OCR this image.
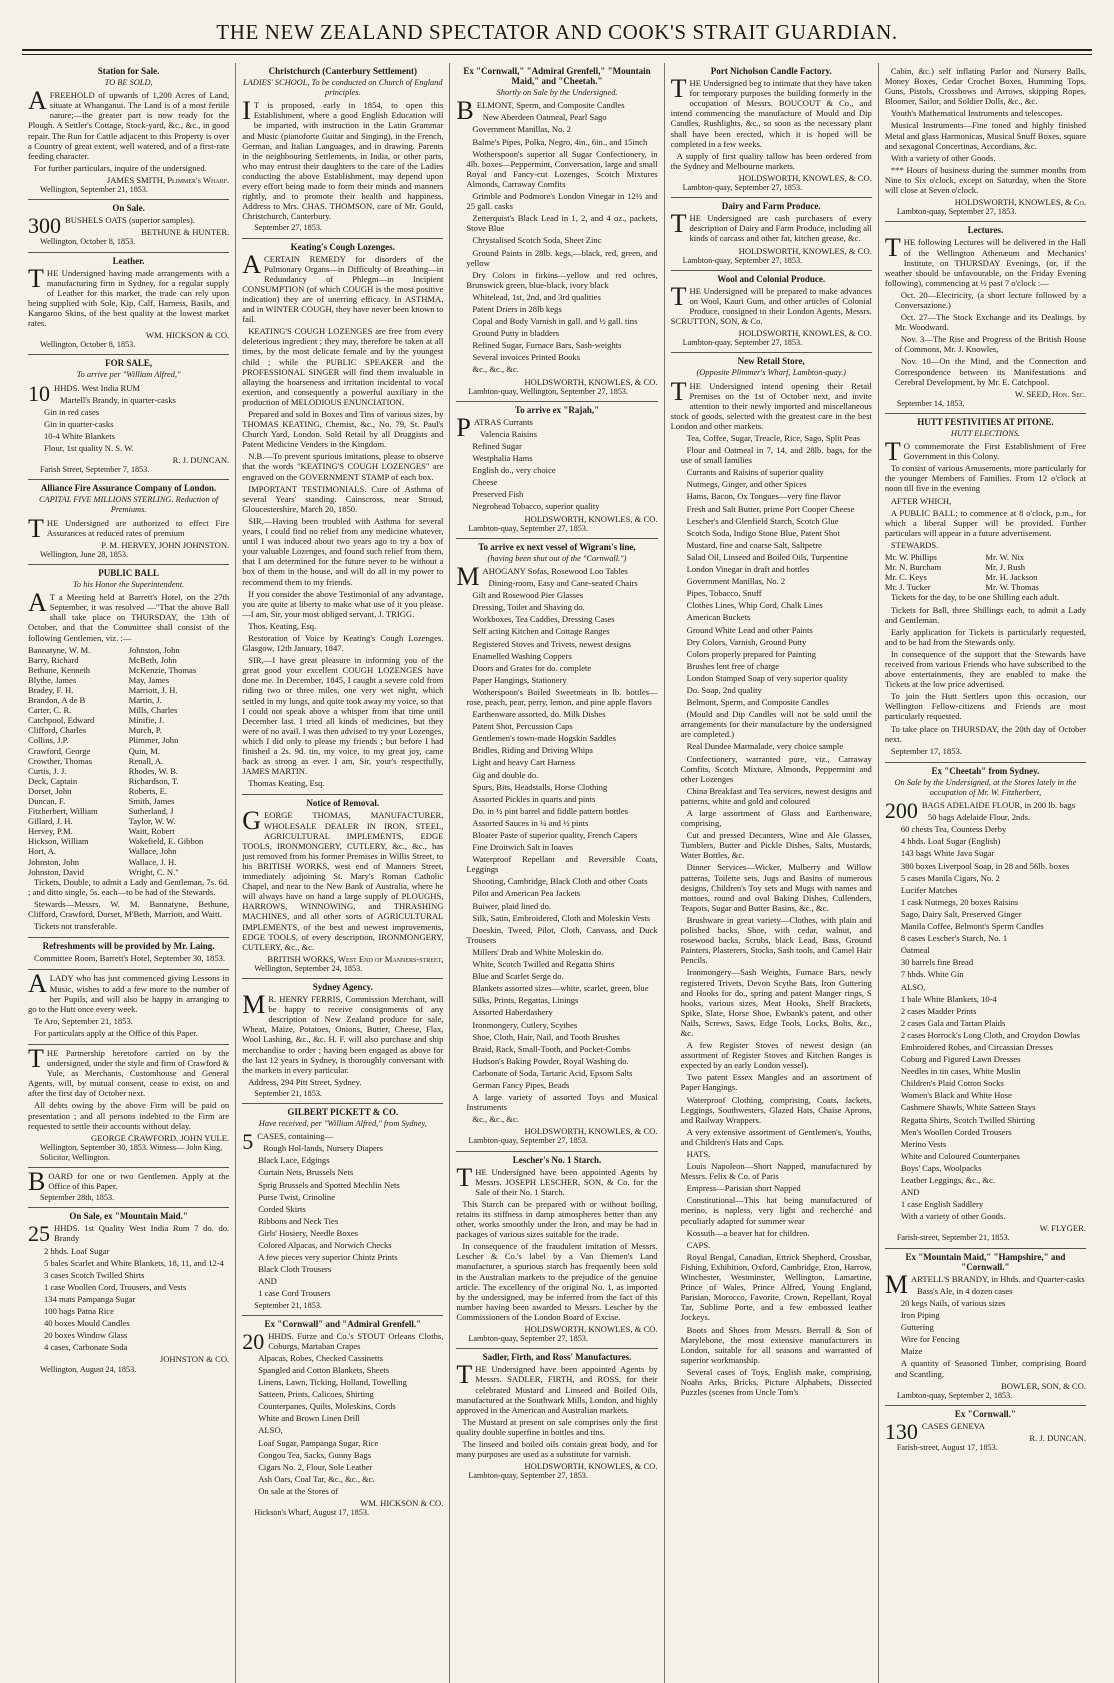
THE NEW ZEALAND SPECTATOR AND COOK'S STRAIT GUARDIAN.
Station for Sale.
TO BE SOLD,

AFREEHOLD of upwards of 1,200 Acres of Land, situate at Whanganui. The Land is of a most fertile nature;—the greater part is now ready for the Plough. A Settler's Cottage, Stock-yard, &c., &c., in good repair. The Run for Cattle adjacent to this Property is over a Country of great extent, well watered, and of a first-rate feeding character.

For further particulars, inquire of the undersigned.

JAMES SMITH, Plimmer's Wharf.
Wellington, September 21, 1853.
On Sale.

300 BUSHELS OATS (superior samples).

BETHUNE & HUNTER.
Wellington, October 8, 1853.
Leather.

THE Undersigned having made arrangements with a manufacturing firm in Sydney, for a regular supply of Leather for this market, the trade can rely upon being supplied with Sole, Kip, Calf, Harness, Basils, and Kangaroo Skins, of the best quality at the lowest market rates.

WM. HICKSON & CO.
Wellington, October 8, 1853.
FOR SALE,
To arrive per "William Alfred,"

10 HHDS. West India RUM

Martell's Brandy, in quarter-casks

Gin in red cases

Gin in quarter-casks

10-4 White Blankets

Flour, 1st quality N. S. W.

R. J. DUNCAN.
Farish Street, September 7, 1853.
Alliance Fire Assurance Company of London.
CAPITAL FIVE MILLIONS STERLING. Reduction of Premiums.

THE Undersigned are authorized to effect Fire Assurances at reduced rates of premium

P. M. HERVEY, JOHN JOHNSTON.
Wellington, June 28, 1853.
PUBLIC BALL
To his Honor the Superintendent.

A T a Meeting held at Barrett's Hotel, on the 27th September, it was resolved —"That the above Ball shall take place on THURSDAY, the 13th of October, and that the Committee shall consist of the following Gentlemen, viz. :—

Bannatyne, W. M.	Johnston, John
Barry, Richard	McBeth, John
Bethune, Kenneth	McKenzie, Thomas
Blythe, James	May, James
Bradey, F. H.	Marriott, J. H.
Brandon, A de B	Martin, J.
Carter, C. R.	Mills, Charles
Catchpool, Edward	Minifie, J.
Clifford, Charles	Murch, P.
Collins, J.P.	Plimmer, John
Crawford, George	Quin, M.
Crowther, Thomas	Renall, A.
Curtis, J. J.	Rhodes, W. B.
Deck, Captain	Richardson, T.
Dorset, John	Roberts, E.
Duncan, F.	Smith, James
Fitzherbert, William	Sutherland, J
Gillard, J. H.	Taylor, W. W.
Hervey, P.M.	Waitt, Robert
Hickson, William	Wakefield, E. Gibbon
Hort, A.	Wallace, John
Johnston, John	Wallace, J. H.
Johnston, David	Wright, C. N."

Tickets, Double, to admit a Lady and Gentleman, 7s. 6d. ; and ditto single, 5s. each—to be had of the Stewards.

Stewards—Messrs. W. M. Bannatyne, Bethune, Clifford, Crawford, Dorset, M'Beth, Marriott, and Waitt.

Tickets not transferable.

Refreshments will be provided by Mr. Laing.

Committee Room, Barrett's Hotel, September 30, 1853.

ALADY who has just commenced giving Lessons in Music, wishes to add a few more to the number of her Pupils, and will also be happy in arranging to go to the Hutt once every week.

Te Aro, September 21, 1853.

For particulars apply at the Office of this Paper.

THE Partnership heretofore carried on by the undersigned, under the style and firm of Crawford & Yule, as Merchants, Customhouse and General Agents, will, by mutual consent, cease to exist, on and after the first day of October next.

All debts owing by the above Firm will be paid on presentation ; and all persons indebted to the Firm are requested to settle their accounts without delay.

GEORGE CRAWFORD. JOHN YULE.
Wellington, September 30, 1853. Witness— John King, Solicitor, Wellington.

BOARD for one or two Gentlemen. Apply at the Office of this Paper.

September 28th, 1853.
On Sale, ex "Mountain Maid."

25 HHDS. 1st Quality West India Rum 7 do. do. Brandy

2 hhds. Loaf Sugar

5 bales Scarlet and White Blankets, 18, 11, and 12-4

3 cases Scotch Twilled Shirts

1 case Woollen Cord, Trousers, and Vests

134 mats Pampanga Sugar

100 bags Patna Rice

40 boxes Mould Candles

20 boxes Window Glass

4 cases, Carbonate Soda

JOHNSTON & CO.
Wellington, August 24, 1853.
Christchurch (Canterbury Settlement)
LADIES' SCHOOL, To be conducted on Church of England principles.

I T is proposed, early in 1854, to open this Establishment, where a good English Education will be imparted, with instruction in the Latin Grammar and Music (pianoforte Guitar and Singing), in the French, German, and Italian Languages, and in drawing. Parents in the neighbouring Settlements, in India, or other parts, who may entrust their daughters to the care of the Ladies conducting the above Establishment, may depend upon every effort being made to form their minds and manners rightly, and to promote their health and happiness. Address to Mrs. CHAS. THOMSON, care of Mr. Gould, Christchurch, Canterbury.

September 27, 1853.
Keating's Cough Lozenges.

ACERTAIN REMEDY for disorders of the Pulmonary Organs—in Difficulty of Breathing—in Redundancy of Phlegm—in Incipient CONSUMPTION (of which COUGH is the most positive indication) they are of unerring efficacy. In ASTHMA, and in WINTER COUGH, they have never been known to fail.

KEATING'S COUGH LOZENGES are free from every deleterious ingredient ; they may, therefore be taken at all times, by the most delicate female and by the youngest child ; while the PUBLIC SPEAKER and the PROFESSIONAL SINGER will find them invaluable in allaying the hoarseness and irritation incidental to vocal exertion, and consequently a powerful auxiliary in the production of MELODIOUS ENUNCIATION.

Prepared and sold in Boxes and Tins of various sizes, by THOMAS KEATING, Chemist, &c., No. 79, St. Paul's Church Yard, London. Sold Retail by all Druggists and Patent Medicine Venders in the Kingdom.

N.B.—To prevent spurious imitations, please to observe that the words "KEATING'S COUGH LOZENGES" are engraved on the GOVERNMENT STAMP of each box.

IMPORTANT TESTIMONIALS. Cure of Asthma of several Years' standing. Cainscross, near Stroud, Gloucestershire, March 20, 1850.

SIR,—Having been troubled with Asthma for several years, I could find no relief from any medicine whatever, until I was induced about two years ago to try a box of your valuable Lozenges, and found such relief from them, that I am determined for the future never to be without a box of them in the house, and will do all in my power to recommend them to my friends.

If you consider the above Testimonial of any advantage, you are quite at liberty to make what use of it you please.—I am, Sir, your most obliged servant, J. TRIGG.

Thos. Keating, Esq.

Restoration of Voice by Keating's Cough Lozenges. Glasgow, 12th January, 1847.

SIR,—I have great pleasure in informing you of the great good your excellent COUGH LOZENGES have done me. In December, 1845, I caught a severe cold from riding two or three miles, one very wet night, which settled in my lungs, and quite took away my voice, so that I could not speak above a whisper from that time until December last. I tried all kinds of medicines, but they were of no avail. I was then advised to try your Lozenges, which I did only to please my friends ; but before I had finished a 2s. 9d. tin, my voice, to my great joy, came back as strong as ever. I am, Sir, your's respectfully, JAMES MARTIN.

Thomas Keating, Esq.

Notice of Removal.

GEORGE THOMAS, MANUFACTURER, WHOLESALE DEALER IN IRON, STEEL, AGRICULTURAL IMPLEMENTS, EDGE TOOLS, IRONMONGERY, CUTLERY, &c., &c., has just removed from his former Premises in Willis Street, to his BRITISH WORKS, west end of Manners Street, immediately adjoining St. Mary's Roman Catholic Chapel, and near to the New Bank of Australia, where he will always have on hand a large supply of PLOUGHS, HARROWS, WINNOWING, and THRASHING MACHINES, and all other sorts of AGRICULTURAL IMPLEMENTS, of the best and newest improvements, EDGE TOOLS, of every description, IRONMONGERY, CUTLERY, &c., &c.

BRITISH WORKS, West End of Manners-street,
Wellington, September 24, 1853.
Sydney Agency.

M R. HENRY FERRIS, Commission Merchant, will be happy to receive consignments of any description of New Zealand produce for sale, Wheat, Maize, Potatoes, Onions, Butter, Cheese, Flax, Wool Lashing, &c., &c. H. F. will also purchase and ship merchandise to order ; having been engaged as above for the last 12 years in Sydney, is thoroughly conversant with the markets in every particular.

Address, 294 Pitt Street, Sydney.

September 21, 1853.
GILBERT PICKETT & CO.
Have received, per "William Alfred," from Sydney,

5 CASES, containing—

Rough Hol-lands, Nursery Diapers

Black Lace, Edgings

Curtain Nets, Brussels Nets

Sprig Brussels and Spotted Mechlin Nets

Purse Twist, Crinoline

Corded Skirts

Ribbons and Neck Ties

Girls' Hosiery, Needle Boxes

Colored Alpacas, and Norwich Checks

A few pieces very superior Chintz Prints

Black Cloth Trousers

AND

1 case Cord Trousers

September 21, 1853.
Ex "Cornwall" and "Admiral Grenfell."

20 HHDS. Furze and Co.'s STOUT Orleans Cloths, Coburgs, Martaban Crapes

Alpacas, Robes, Checked Cassinetts

Spangled and Cotton Blankets, Sheets

Linens, Lawn, Ticking, Holland, Towelling

Satteen, Prints, Calicoes, Shirting

Counterpanes, Quilts, Moleskins, Cords

White and Brown Linen Drill

ALSO,

Loaf Sugar, Pampanga Sugar, Rice

Congou Tea, Sacks, Gunny Bags

Cigars No. 2, Flour, Sole Leather

Ash Oars, Coal Tar, &c., &c., &c.

On sale at the Stores of

WM. HICKSON & CO.
Hickson's Wharf, August 17, 1853.
Ex "Cornwall," "Admiral Grenfell," "Mountain Maid," and "Cheetah."
Shortly on Sale by the Undersigned.

BELMONT, Sperm, and Composite Candles

New Aberdeen Oatmeal, Pearl Sago

Government Manillas, No. 2

Balme's Pipes, Polka, Negro, 4in., 6in., and 15inch

Wotherspoon's superior all Sugar Confectionery, in 4lb. boxes—Peppermint, Conversation, large and small Royal and Fancy-cut Lozenges, Scotch Mixtures Almonds, Carraway Comfits

Grimble and Podmore's London Vinegar in 12½ and 25 gall. casks

Zetterquist's Black Lead in 1, 2, and 4 oz., packets, Stove Blue

Chrystalised Scotch Soda, Sheet Zinc

Ground Paints in 28lb. kegs,—black, red, green, and yellow

Dry Colors in firkins—yellow and red ochres, Brunswick green, blue-black, ivory black

Whitelead, 1st, 2nd, and 3rd qualities

Patent Driers in 28lb kegs

Copal and Body Varnish in gall. and ½ gall. tins

Ground Putty in bladders

Refined Sugar, Furnace Bars, Sash-weights

Several invoices Printed Books

&c., &c., &c.

HOLDSWORTH, KNOWLES, & CO.
Lambton-quay, Wellington, September 27, 1853.
To arrive ex "Rajah,"

PATRAS Currants

Valencia Raisins

Refined Sugar

Westphalia Hams

English do., very choice

Cheese

Preserved Fish

Negrohead Tobacco, superior quality

HOLDSWORTH, KNOWLES, & CO.
Lambton-quay, September 27, 1853.
To arrive ex next vessel of Wigram's line,
(having been shut out of the "Cornwall.")

MAHOGANY Sofas, Rosewood Loo Tables

Dining-room, Easy and Cane-seated Chairs

Gilt and Rosewood Pier Glasses

Dressing, Toilet and Shaving do.

Workboxes, Tea Caddies, Dressing Cases

Self acting Kitchen and Cottage Ranges

Registered Stoves and Trivets, newest designs

Enamelled Washing Coppers

Doors and Grates for do. complete

Paper Hangings, Stationery

Wotherspoon's Boiled Sweetmeats in lb. bottles—rose, peach, pear, perry, lemon, and pine apple flavors

Earthenware assorted, do. Milk Dishes

Patent Shot, Percussion Caps

Gentlemen's town-made Hogskin Saddles

Bridles, Riding and Driving Whips

Light and heavy Cart Harness

Gig and double do.

Spurs, Bits, Headstalls, Horse Clothing

Assorted Pickles in quarts and pints

Do. in ½ pint barrel and fiddle pattern bottles

Assorted Sauces in ¼ and ½ pints

Bloater Paste of superior quality, French Capers

Fine Droitwich Salt in loaves

Waterproof Repellant and Reversible Coats, Leggings

Shooting, Cambridge, Black Cloth and other Coats

Pilot and American Pea Jackets

Buiwer, plaid lined do.

Silk, Satin, Embroidered, Cloth and Moleskin Vests

Doeskin, Tweed, Pilot, Cloth, Canvass, and Duck Trousers

Millers' Drab and White Moleskin do.

White, Scotch Twilled and Regatta Shirts

Blue and Scarlet Serge do.

Blankets assorted sizes—white, scarlet, green, blue

Silks, Prints, Regattas, Linings

Assorted Haberdashery

Ironmongery, Cutlery, Scythes

Shoe, Cloth, Hair, Nail, and Tooth Brushes

Braid, Rack, Small-Tooth, and Pocket-Combs

Hudson's Baking Powder, Royal Washing do.

Carbonate of Soda, Tartaric Acid, Epsom Salts

German Fancy Pipes, Beads

A large variety of assorted Toys and Musical Instruments

&c., &c., &c.

HOLDSWORTH, KNOWLES, & CO.
Lambton-quay, September 27, 1853.
Lescher's No. 1 Starch.

THE Undersigned have been appointed Agents by Messrs. JOSEPH LESCHER, SON, & Co. for the Sale of their No. 1 Starch.

This Starch can be prepared with or without boiling, retains its stiffness in damp atmospheres better than any other, works smoothly under the Iron, and may be had in packages of various sizes suitable for the trade.

In consequence of the fraudulent imitation of Messrs. Lescher & Co.'s label by a Van Diemen's Land manufacturer, a spurious starch has frequently been sold in the Australian markets to the prejudice of the genuine article. The excellency of the original No. 1, as imported by the undersigned, may be inferred from the fact of this number having been awarded to Messrs. Lescher by the Commissioners of the London Board of Excise.

HOLDSWORTH, KNOWLES, & CO.
Lambton-quay, September 27, 1853.
Sadler, Firth, and Ross' Manufactures.

THE Undersigned have been appointed Agents by Messrs. SADLER, FIRTH, and ROSS, for their celebrated Mustard and Linseed and Boiled Oils, manufactured at the Southwark Mills, London, and highly approved in the American and Australian markets.

The Mustard at present on sale comprises only the first quality double superfine in bottles and tins.

The linseed and boiled oils contain great body, and for many purposes are used as a substitute for varnish.

HOLDSWORTH, KNOWLES, & CO.
Lambton-quay, September 27, 1853.
Port Nicholson Candle Factory.

THE Undersigned beg to intimate that they have taken for temporary purposes the building formerly in the occupation of Messrs. BOUCOUT & Co., and intend commencing the manufacture of Mould and Dip Candles, Rushlights, &c., so soon as the necessary plant shall have been erected, which it is hoped will be completed in a few weeks.

A supply of first quality tallow has been ordered from the Sydney and Melbourne markets.

HOLDSWORTH, KNOWLES, & CO.
Lambton-quay, September 27, 1853.
Dairy and Farm Produce.

THE Undersigned are cash purchasers of every description of Dairy and Farm Produce, including all kinds of carcass and other fat, kitchen grease, &c.

HOLDSWORTH, KNOWLES, & CO.
Lambton-quay, September 27, 1853.
Wool and Colonial Produce.

THE Undersigned will be prepared to make advances on Wool, Kauri Gum, and other articles of Colonial Produce, consigned to their London Agents, Messrs. SCRUTTON, SON, & Co.

HOLDSWORTH, KNOWLES, & CO.
Lambton-quay, September 27, 1853.
New Retail Store,
(Opposite Plimmer's Wharf, Lambton-quay.)

THE Undersigned intend opening their Retail Premises on the 1st of October next, and invite attention to their newly imported and miscellaneous stock of goods, selected with the greatest care in the best London and other markets.

Tea, Coffee, Sugar, Treacle, Rice, Sago, Split Peas

Flour and Oatmeal in 7, 14, and 28lb. bags, for the use of small families

Currants and Raisins of superior quality

Nutmegs, Ginger, and other Spices

Hams, Bacon, Ox Tongues—very fine flavor

Fresh and Salt Butter, prime Port Cooper Cheese

Lescher's and Glenfield Starch, Scotch Glue

Scotch Soda, Indigo Stone Blue, Patent Shot

Mustard, fine and coarse Salt, Saltpetre

Salad Oil, Linseed and Boiled Oils, Turpentine

London Vinegar in draft and bottles

Government Manillas, No. 2

Pipes, Tobacco, Snuff

Clothes Lines, Whip Cord, Chalk Lines

American Buckets

Ground White Lead and other Paints

Dry Colors, Varnish, Ground Putty

Colors properly prepared for Painting

Brushes lent free of charge

London Stamped Soap of very superior quality

Do. Soap, 2nd quality

Belmont, Sperm, and Composite Candles

(Mould and Dip Candles will not be sold until the arrangements for their manufacture by the undersigned are completed.)

Real Dundee Marmalade, very choice sample

Confectionery, warranted pure, viz., Carraway Comfits, Scotch Mixture, Almonds, Peppermint and other Lozenges

China Breakfast and Tea services, newest designs and patterns, white and gold and coloured

A large assortment of Glass and Earthenware, comprising,

Cut and pressed Decanters, Wine and Ale Glasses, Tumblers, Butter and Pickle Dishes, Salts, Mustards, Water Bottles, &c.

Dinner Services—Wicker, Mulberry and Willow patterns, Toilette sets, Jugs and Basins of numerous designs, Children's Toy sets and Mugs with names and mottoes, round and oval Baking Dishes, Cullenders, Teapots, Sugar and Butter Basins, &c., &c.

Brushware in great variety—Clothes, with plain and polished backs, Shoe, with cedar, walnut, and rosewood backs, Scrubs, black Lead, Bass, Ground Painters, Plasterers, Stocks, Sash tools, and Camel Hair Pencils.

Ironmongery—Sash Weights, Furnace Bars, newly registered Trivets, Devon Scythe Bats, Iron Guttering and Hooks for do., spring and patent Manger rings, S hooks, various sizes, Meat Hooks, Shelf Brackets, Spike, Slate, Horse Shoe, Ewbank's patent, and other Nails, Screws, Saws, Edge Tools, Locks, Bolts, &c., &c.

A few Register Stoves of newest design (an assortment of Register Stoves and Kitchen Ranges is expected by an early London vessel).

Two patent Essex Mangles and an assortment of Paper Hangings.

Waterproof Clothing, comprising, Coats, Jackets, Leggings, Southwesters, Glazed Hats, Chaise Aprons, and Railway Wrappers.

A very extensive assortment of Gentlemen's, Youths, and Children's Hats and Caps.

HATS.

Louis Napoleon—Short Napped, manufactured by Messrs. Felix & Co. of Paris

Empress—Parisian short Napped

Constitutional—This hat being manufactured of merino, is napless, very light and recherché and peculiarly adapted for summer wear

Kossuth—a beaver hat for children.

CAPS.

Royal Bengal, Canadian, Ettrick Shepherd, Crossbar, Fishing, Exhibition, Oxford, Cambridge, Eton, Harrow, Winchester, Westminster, Wellington, Lamartine, Prince of Wales, Prince Alfred, Young England, Parisian, Morocco, Favorite, Crown, Repellant, Royal Tar, Sublime Porte, and a few embossed leather Jockeys.

Boots and Shoes from Messrs. Berrall & Son of Marylebone, the most extensive manufacturers in London, suitable for all seasons and warranted of superior workmanship.

Several cases of Toys, English make, comprising, Noahs Arks, Bricks, Picture Alphabets, Dissected Puzzles (scenes from Uncle Tom's

Cabin, &c.) self inflating Parlor and Nursery Balls, Money Boxes, Cedar Crochet Boxes, Humming Tops, Guns, Pistols, Crossbows and Arrows, skipping Ropes, Bloomer, Sailor, and Soldier Dolls, &c., &c.

Youth's Mathematical Instruments and telescopes.

Musical Instruments—Fine toned and highly finished Metal and glass Harmonicas, Musical Snuff Boxes, square and sexagonal Concertinas, Accordians, &c.

With a variety of other Goods.

*** Hours of business during the summer months from Nine to Six o'clock, except on Saturday, when the Store will close at Seven o'clock.

HOLDSWORTH, KNOWLES, & Co.
Lambton-quay, September 27, 1853.
Lectures.

THE following Lectures will be delivered in the Hall of the Wellington Athenæum and Mechanics' Institute, on THURSDAY Evenings, (or, if the weather should be unfavourable, on the Friday Evening following), commencing at ½ past 7 o'clock :—

Oct. 20—Electricity, (a short lecture followed by a Conversazione.)

Oct. 27—The Stock Exchange and its Dealings. by Mr. Woodward.

Nov. 3—The Rise and Progress of the British House of Commons, Mr. J. Knowles,

Nov. 10—On the Mind, and the Connection and Correspondence between its Manifestations and Cerebral Development, by Mr. E. Catchpool.

W. SEED, Hon. Sec.
September 14, 1853.
HUTT FESTIVITIES AT PITONE.
HUTT ELECTIONS.

T O commemorate the First Establishment of Free Government in this Colony.

To consist of various Amusements, more particularly for the younger Members of Families. From 12 o'clock at noon till five in the evening

AFTER WHICH,

A PUBLIC BALL; to commence at 8 o'clock, p.m., for which a liberal Supper will be provided. Further particulars will appear in a future advertisement.

STEWARDS.

Mr. W. Phillips	Mr. W. Nix
Mr. N. Burcham	Mr. J. Rush
Mr. C. Keys	Mr. H. Jackson
Mr. J. Tucker	Mr. W. Thomas

Tickets for the day, to be one Shilling each adult.

Tickets for Ball, three Shillings each, to admit a Lady and Gentleman.

Early application for Tickets is particularly requested, and to be had from the Stewards only.

In consequence of the support that the Stewards have received from various Friends who have subscribed to the above entertainments, they are enabled to make the Tickets at the low price advertised.

To join the Hutt Settlers upon this occasion, our Wellington Fellow-citizens and Friends are most particularly requested.

To take place on THURSDAY, the 20th day of October next.

September 17, 1853.

Ex "Cheetah" from Sydney.
On Sale by the Undersigned, at the Stores lately in the occupation of Mr. W. Fitzherbert,

200 BAGS ADELAIDE FLOUR, in 200 lb. bags

50 bags Adelaide Flour, 2nds.

60 chests Tea, Countess Derby

4 hhds. Loaf Sugar (English)

143 bags White Java Sugar

380 boxes Liverpool Soap, in 28 and 56lb. boxes

5 cases Manila Cigars, No. 2

Lucifer Matches

1 cask Nutmegs, 20 boxes Raisins

Sago, Dairy Salt, Preserved Ginger

Manila Coffee, Belmont's Sperm Candles

8 cases Lescher's Starch, No. 1

Oatmeal

30 barrels fine Bread

7 hhds. White Gin

ALSO,

1 bale White Blankets, 10-4

2 cases Madder Prints

2 cases Gala and Tartan Plaids

2 cases Horrock's Long Cloth, and Croydon Dowlas

Embroidered Robes, and Circassian Dresses

Coburg and Figured Lawn Dresses

Needles in tin cases, White Muslin

Children's Plaid Cotton Socks

Women's Black and White Hose

Cashmere Shawls, White Satteen Stays

Regatta Shirts, Scotch Twilled Shirting

Men's Woollen Corded Trousers

Merino Vests

White and Coloured Counterpanes

Boys' Caps, Woolpacks

Leather Leggings, &c., &c.

AND

1 case English Saddlery

With a variety of other Goods.

W. FLYGER.
Farish-street, September 21, 1853.
Ex "Mountain Maid," "Hampshire," and "Cornwall."

MARTELL'S BRANDY, in Hhds. and Quarter-casks

Bass's Ale, in 4 dozen cases

20 kegs Nails, of various sizes

Iron Piping

Guttering

Wire for Fencing

Maize

A quantity of Seasoned Timber, comprising Board and Scantling.

BOWLER, SON, & CO.
Lambton-quay, September 2, 1853.
Ex "Cornwall."

130 CASES GENEVA

R. J. DUNCAN.
Farish-street, August 17, 1853.
